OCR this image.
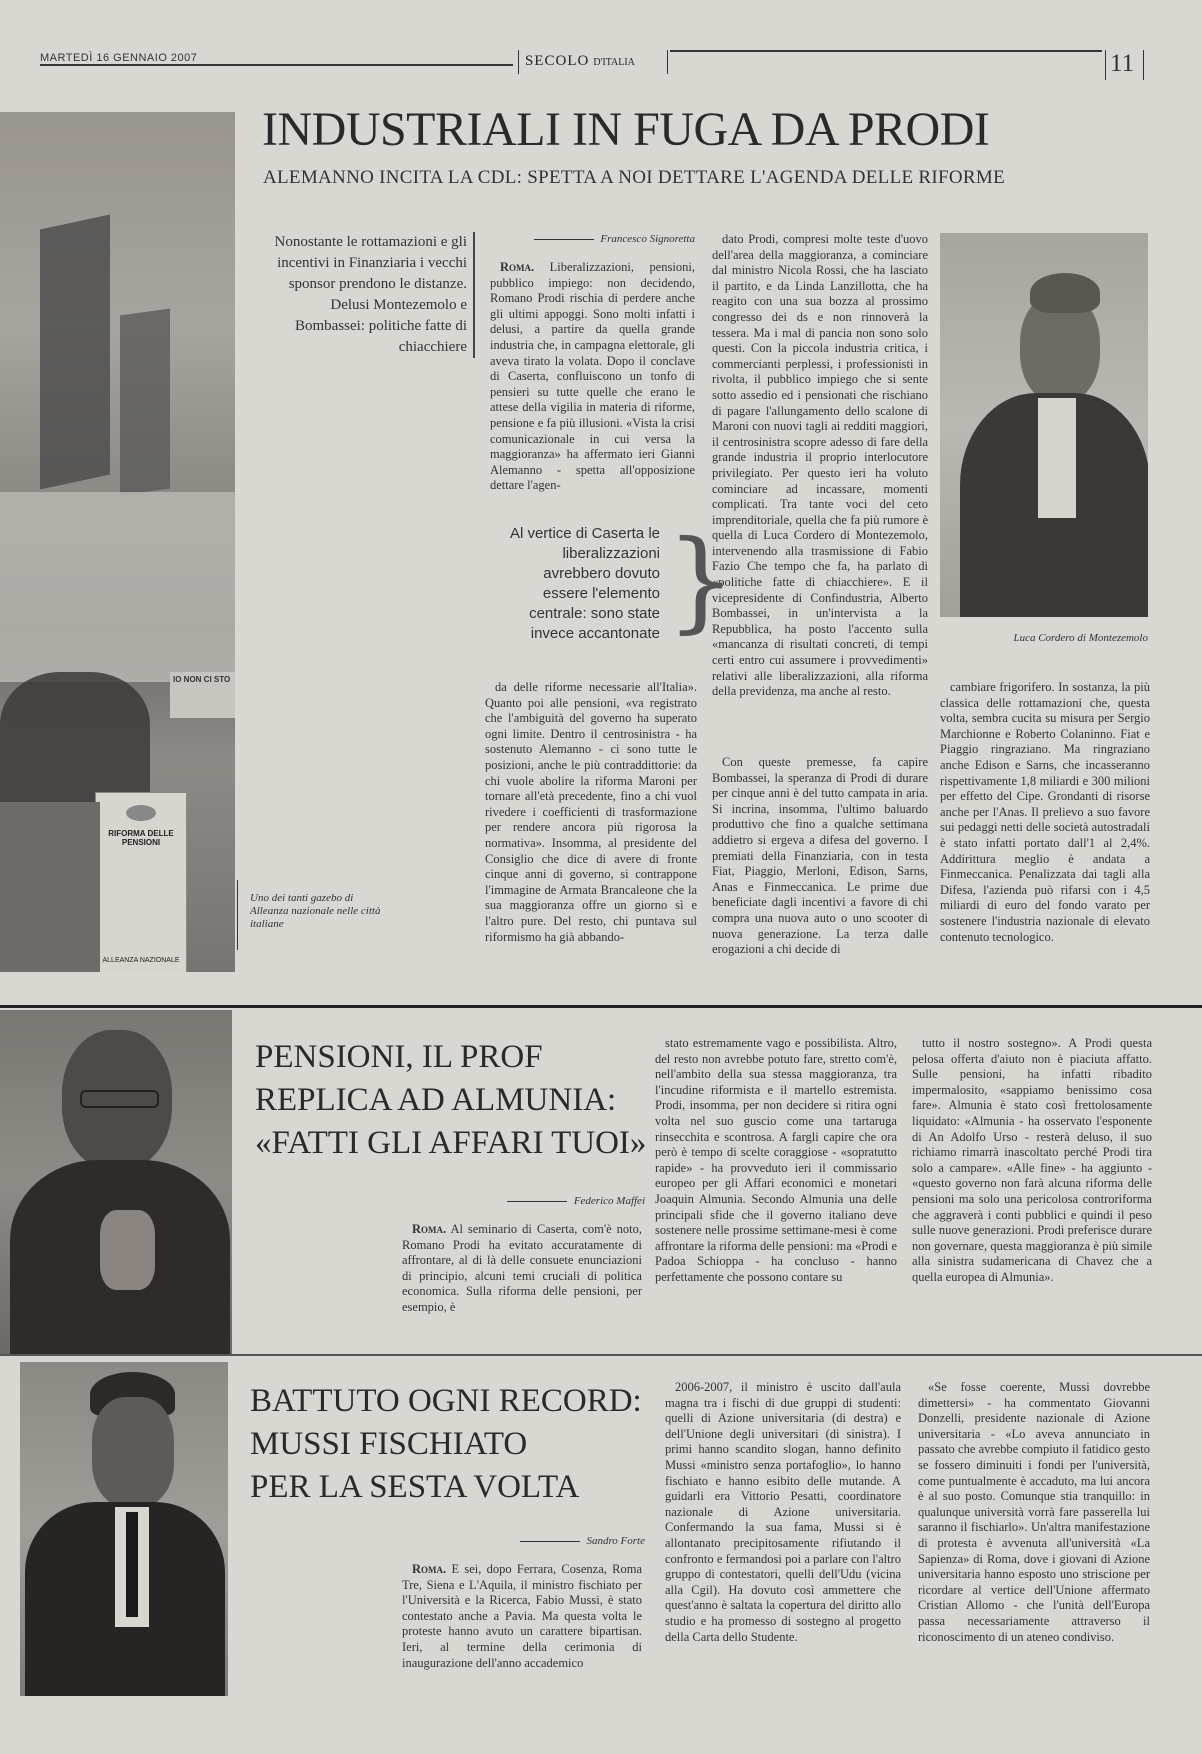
MARTEDÌ 16 GENNAIO 2007	SECOLO D'ITALIA	11
IO NON CI STO
RIFORMA DELLE PENSIONI
ALLEANZA NAZIONALE
Uno dei tanti gazebo di Alleanza nazionale nelle città italiane
INDUSTRIALI IN FUGA DA PRODI
ALEMANNO INCITA LA CDL: SPETTA A NOI DETTARE L'AGENDA DELLE RIFORME
Nonostante le rottamazioni e gli incentivi in Finanziaria i vecchi sponsor prendono le distanze. Delusi Montezemolo e Bombassei: politiche fatte di chiacchiere
Francesco Signoretta

Roma. Liberalizzazioni, pensioni, pubblico impiego: non decidendo, Romano Prodi rischia di perdere anche gli ultimi appoggi. Sono molti infatti i delusi, a partire da quella grande industria che, in campagna elettorale, gli aveva tirato la volata. Dopo il conclave di Caserta, confluiscono un tonfo di pensieri su tutte quelle che erano le attese della vigilia in materia di riforme, pensione e fa più illusioni. «Vista la crisi comunicazionale in cui versa la maggioranza» ha affermato ieri Gianni Alemanno - spetta all'opposizione dettare l'agen-

dato Prodi, compresi molte teste d'uovo dell'area della maggioranza, a cominciare dal ministro Nicola Rossi, che ha lasciato il partito, e da Linda Lanzillotta, che ha reagito con una sua bozza al prossimo congresso dei ds e non rinnoverà la tessera. Ma i mal di pancia non sono solo questi. Con la piccola industria critica, i commercianti perplessi, i professionisti in rivolta, il pubblico impiego che si sente sotto assedio ed i pensionati che rischiano di pagare l'allungamento dello scalone di Maroni con nuovi tagli ai redditi maggiori, il centrosinistra scopre adesso di fare della grande industria il proprio interlocutore privilegiato. Per questo ieri ha voluto cominciare ad incassare, momenti complicati. Tra tante voci del ceto imprenditoriale, quella che fa più rumore è quella di Luca Cordero di Montezemolo, intervenendo alla trasmissione di Fabio Fazio Che tempo che fa, ha parlato di «politiche fatte di chiacchiere». E il vicepresidente di Confindustria, Alberto Bombassei, in un'intervista a la Repubblica, ha posto l'accento sulla «mancanza di risultati concreti, di tempi certi entro cui assumere i provvedimenti» relativi alle liberalizzazioni, alla riforma della previdenza, ma anche al resto.

Al vertice di Caserta le liberalizzazioni avrebbero dovuto essere l'elemento centrale: sono state invece accantonate }

da delle riforme necessarie all'Italia». Quanto poi alle pensioni, «va registrato che l'ambiguità del governo ha superato ogni limite. Dentro il centrosinistra - ha sostenuto Alemanno - ci sono tutte le posizioni, anche le più contraddittorie: da chi vuole abolire la riforma Maroni per tornare all'età precedente, fino a chi vuol rivedere i coefficienti di trasformazione per rendere ancora più rigorosa la normativa». Insomma, al presidente del Consiglio che dice di avere di fronte cinque anni di governo, si contrappone l'immagine de Armata Brancaleone che la sua maggioranza offre un giorno sì e l'altro pure. Del resto, chi puntava sul riformismo ha già abbando-

Luca Cordero di Montezemolo

Con queste premesse, fa capire Bombassei, la speranza di Prodi di durare per cinque anni è del tutto campata in aria. Si incrina, insomma, l'ultimo baluardo produttivo che fino a qualche settimana addietro si ergeva a difesa del governo. I premiati della Finanziaria, con in testa Fiat, Piaggio, Merloni, Edison, Sarns, Anas e Finmeccanica. Le prime due beneficiate dagli incentivi a favore di chi compra una nuova auto o uno scooter di nuova generazione. La terza dalle erogazioni a chi decide di

cambiare frigorifero. In sostanza, la più classica delle rottamazioni che, questa volta, sembra cucita su misura per Sergio Marchionne e Roberto Colaninno. Fiat e Piaggio ringraziano. Ma ringraziano anche Edison e Sarns, che incasseranno rispettivamente 1,8 miliardi e 300 milioni per effetto del Cipe. Grondanti di risorse anche per l'Anas. Il prelievo a suo favore sui pedaggi netti delle società autostradali è stato infatti portato dall'1 al 2,4%. Addirittura meglio è andata a Finmeccanica. Penalizzata dai tagli alla Difesa, l'azienda può rifarsi con i 4,5 miliardi di euro del fondo varato per sostenere l'industria nazionale di elevato contenuto tecnologico.

PENSIONI, IL PROF
REPLICA AD ALMUNIA:
«FATTI GLI AFFARI TUOI»
Federico Maffei

Roma. Al seminario di Caserta, com'è noto, Romano Prodi ha evitato accuratamente di affrontare, al di là delle consuete enunciazioni di principio, alcuni temi cruciali di politica economica. Sulla riforma delle pensioni, per esempio, è

stato estremamente vago e possibilista. Altro, del resto non avrebbe potuto fare, stretto com'è, nell'ambito della sua stessa maggioranza, tra l'incudine riformista e il martello estremista. Prodi, insomma, per non decidere si ritira ogni volta nel suo guscio come una tartaruga rinsecchita e scontrosa. A fargli capire che ora però è tempo di scelte coraggiose - «sopratutto rapide» - ha provveduto ieri il commissario europeo per gli Affari economici e monetari Joaquin Almunia. Secondo Almunia una delle principali sfide che il governo italiano deve sostenere nelle prossime settimane-mesi è come affrontare la riforma delle pensioni: ma «Prodi e Padoa Schioppa - ha concluso - hanno perfettamente che possono contare su

tutto il nostro sostegno». A Prodi questa pelosa offerta d'aiuto non è piaciuta affatto. Sulle pensioni, ha infatti ribadito impermalosito, «sappiamo benissimo cosa fare». Almunia è stato così frettolosamente liquidato: «Almunia - ha osservato l'esponente di An Adolfo Urso - resterà deluso, il suo richiamo rimarrà inascoltato perché Prodi tira solo a campare». «Alle fine» - ha aggiunto - «questo governo non farà alcuna riforma delle pensioni ma solo una pericolosa controriforma che aggraverà i conti pubblici e quindi il peso sulle nuove generazioni. Prodi preferisce durare non governare, questa maggioranza è più simile alla sinistra sudamericana di Chavez che a quella europea di Almunia».

BATTUTO OGNI RECORD:
MUSSI FISCHIATO
PER LA SESTA VOLTA
Sandro Forte

Roma. E sei, dopo Ferrara, Cosenza, Roma Tre, Siena e L'Aquila, il ministro fischiato per l'Università e la Ricerca, Fabio Mussi, è stato contestato anche a Pavia. Ma questa volta le proteste hanno avuto un carattere bipartisan. Ieri, al termine della cerimonia di inaugurazione dell'anno accademico

2006-2007, il ministro è uscito dall'aula magna tra i fischi di due gruppi di studenti: quelli di Azione universitaria (di destra) e dell'Unione degli universitari (di sinistra). I primi hanno scandito slogan, hanno definito Mussi «ministro senza portafoglio», lo hanno fischiato e hanno esibito delle mutande. A guidarli era Vittorio Pesatti, coordinatore nazionale di Azione universitaria. Confermando la sua fama, Mussi si è allontanato precipitosamente rifiutando il confronto e fermandosi poi a parlare con l'altro gruppo di contestatori, quelli dell'Udu (vicina alla Cgil). Ha dovuto così ammettere che quest'anno è saltata la copertura del diritto allo studio e ha promesso di sostegno al progetto della Carta dello Studente.

«Se fosse coerente, Mussi dovrebbe dimettersi» - ha commentato Giovanni Donzelli, presidente nazionale di Azione universitaria - «Lo aveva annunciato in passato che avrebbe compiuto il fatidico gesto se fossero diminuiti i fondi per l'università, come puntualmente è accaduto, ma lui ancora è al suo posto. Comunque stia tranquillo: in qualunque università vorrà fare passerella lui saranno il fischiarlo». Un'altra manifestazione di protesta è avvenuta all'università «La Sapienza» di Roma, dove i giovani di Azione universitaria hanno esposto uno striscione per ricordare al vertice dell'Unione affermato Cristian Allomo - che l'unità dell'Europa passa necessariamente attraverso il riconoscimento di un ateneo condiviso.
